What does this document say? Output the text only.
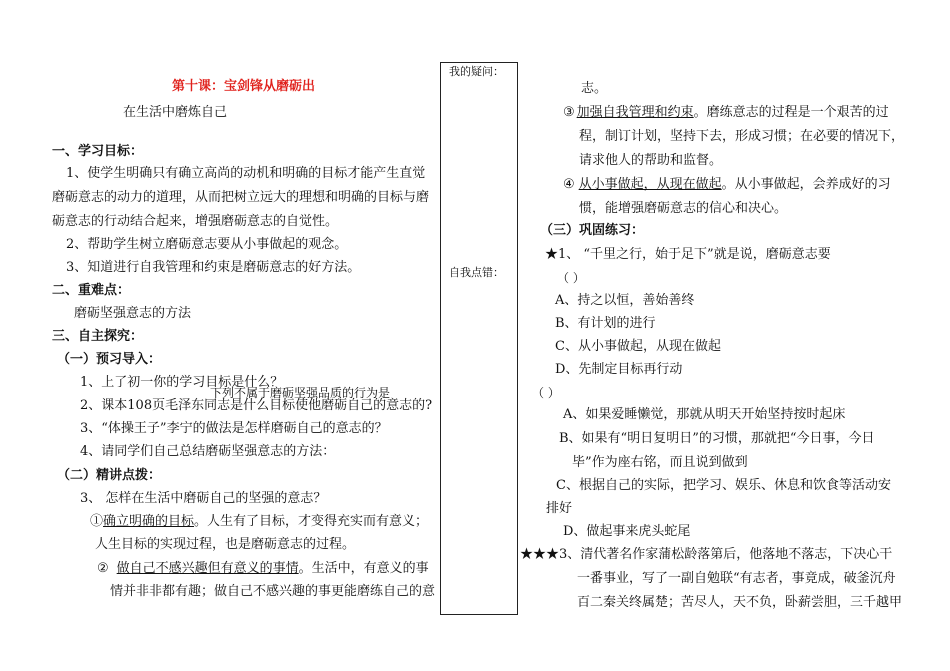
第十课：宝剑锋从磨砺出
在生活中磨炼自己
我的疑问：
自我点错：
一、学习目标：
1、使学生明确只有确立高尚的动机和明确的目标才能产生直觉
磨砺意志的动力的道理，从而把树立远大的理想和明确的目标与磨
砺意志的行动结合起来，增强磨砺意志的自觉性。
2、帮助学生树立磨砺意志要从小事做起的观念。
3、知道进行自我管理和约束是磨砺意志的好方法。
二、重难点：
磨砺坚强意志的方法
三、自主探究：
（一）预习导入：
1、上了初一你的学习目标是什么？
下列不属于磨砺坚强品质的行为是
2、课本108页毛泽东同志是什么目标使他磨砺自己的意志的?
3、“体操王子”李宁的做法是怎样磨砺自己的意志的？
4、请同学们自己总结磨砺坚强意志的方法：
（二）精讲点拨：
3、 怎样在生活中磨砺自己的坚强的意志？
①确立明确的目标。人生有了目标，才变得充实而有意义；
人生目标的实现过程，也是磨砺意志的过程。
② 做自己不感兴趣但有意义的事情。生活中，有意义的事
情并非非都有趣；做自己不感兴趣的事更能磨练自己的意
志。
③ 加强自我管理和约束。磨练意志的过程是一个艰苦的过
程，制订计划，坚持下去，形成习惯；在必要的情况下，
请求他人的帮助和监督。
④ 从小事做起，从现在做起。从小事做起，会养成好的习
惯，能增强磨砺意志的信心和决心。
（三）巩固练习：
★1、 “千里之行，始于足下”就是说，磨砺意志要
（ ）
A、持之以恒，善始善终
B、有计划的进行
C、从小事做起，从现在做起
D、先制定目标再行动
（ ）
A、如果爱睡懒觉，那就从明天开始坚持按时起床
B、如果有“明日复明日”的习惯，那就把“今日事，今日
毕”作为座右铭，而且说到做到
C、根据自己的实际，把学习、娱乐、休息和饮食等活动安
排好
D、做起事来虎头蛇尾
★★★3、清代著名作家蒲松龄落第后，他落地不落志，下决心干
一番事业，写了一副自勉联“有志者，事竟成，破釜沉舟
百二秦关终属楚；苦尽人，天不负，卧薪尝胆，三千越甲
